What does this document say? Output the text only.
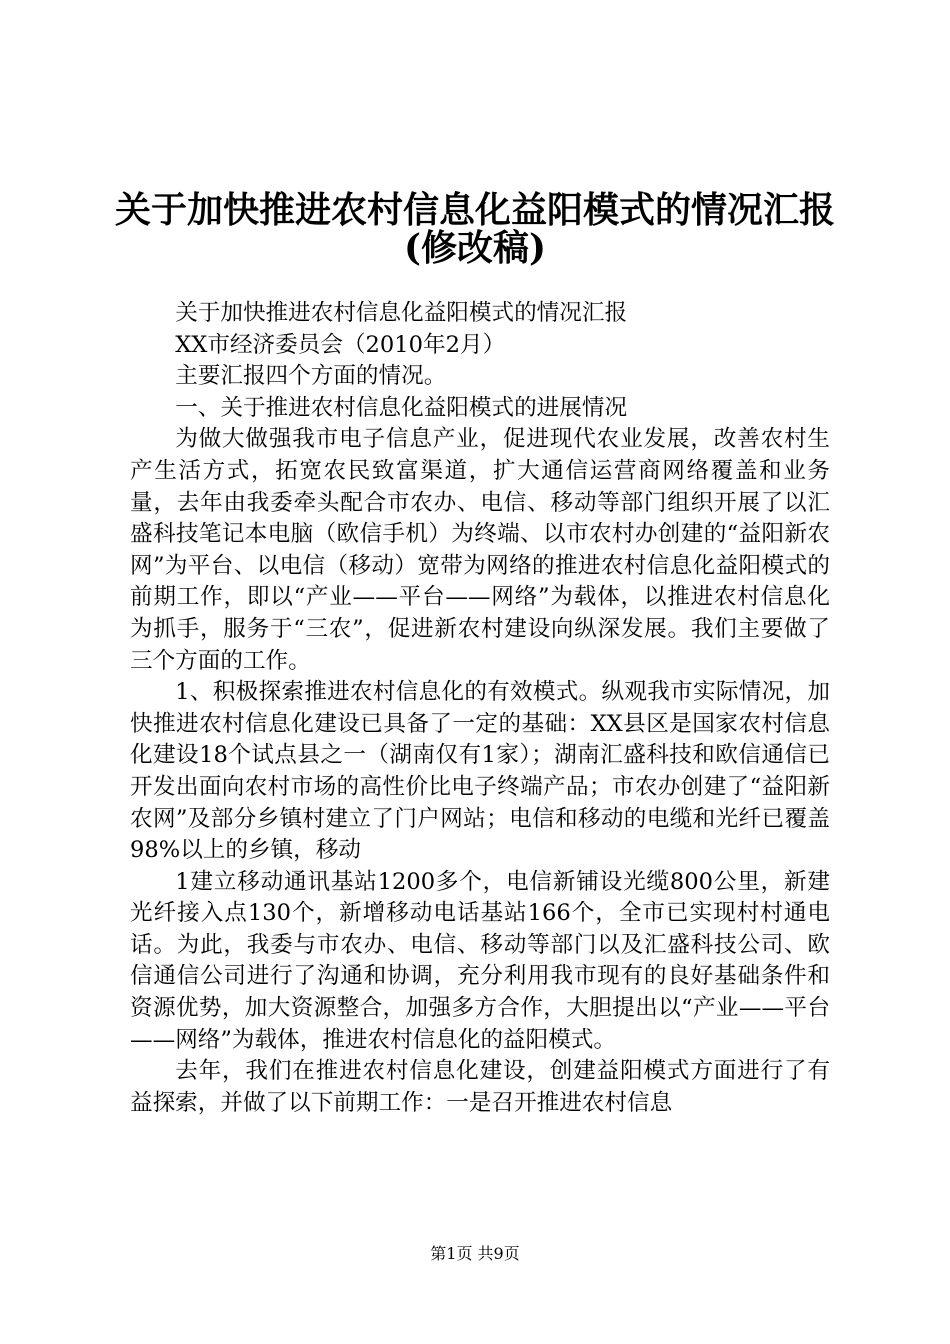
关于加快推进农村信息化益阳模式的情况汇报
(修改稿)

关于加快推进农村信息化益阳模式的情况汇报

XX市经济委员会（2010年2月）

主要汇报四个方面的情况。

一、关于推进农村信息化益阳模式的进展情况

为做大做强我市电子信息产业，促进现代农业发展，改善农村生产生活方式，拓宽农民致富渠道，扩大通信运营商网络覆盖和业务量，去年由我委牵头配合市农办、电信、移动等部门组织开展了以汇盛科技笔记本电脑（欧信手机）为终端、以市农村办创建的“益阳新农网”为平台、以电信（移动）宽带为网络的推进农村信息化益阳模式的前期工作，即以“产业——平台——网络”为载体，以推进农村信息化为抓手，服务于“三农”，促进新农村建设向纵深发展。我们主要做了三个方面的工作。

1、积极探索推进农村信息化的有效模式。纵观我市实际情况，加快推进农村信息化建设已具备了一定的基础：XX县区是国家农村信息化建设18个试点县之一（湖南仅有1家）；湖南汇盛科技和欧信通信已开发出面向农村市场的高性价比电子终端产品；市农办创建了“益阳新农网”及部分乡镇村建立了门户网站；电信和移动的电缆和光纤已覆盖98%以上的乡镇，移动

1建立移动通讯基站1200多个，电信新铺设光缆800公里，新建光纤接入点130个，新增移动电话基站166个，全市已实现村村通电话。为此，我委与市农办、电信、移动等部门以及汇盛科技公司、欧信通信公司进行了沟通和协调，充分利用我市现有的良好基础条件和资源优势，加大资源整合，加强多方合作，大胆提出以“产业——平台——网络”为载体，推进农村信息化的益阳模式。

去年，我们在推进农村信息化建设，创建益阳模式方面进行了有益探索，并做了以下前期工作：一是召开推进农村信息

第1页 共9页
